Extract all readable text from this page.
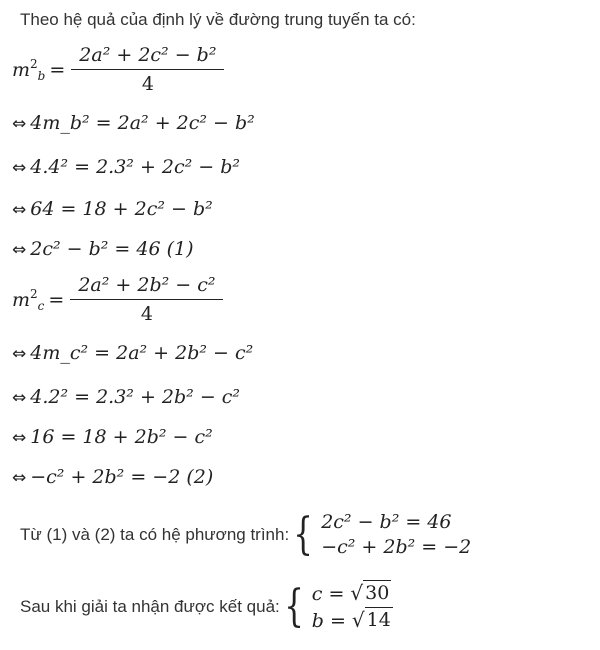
Theo hệ quả của định lý về đường trung tuyến ta có:
$m^2_b = \frac{\text{2a² + 2c² − b²}}{4}$
⇔ 4m_b² = 2a² + 2c² − b²
⇔ 4.4² = 2.3² + 2c² − b²
⇔ 64 = 18 + 2c² − b²
⇔ 2c² − b² = 46 (1)
$m^2_c = \frac{\text{2a² + 2b² − c²}}{4}$
⇔ 4m_c² = 2a² + 2b² − c²
⇔ 4.2² = 2.3² + 2b² − c²
⇔ 16 = 18 + 2b² − c²
⇔ −c² + 2b² = −2 (2)
Từ (1) và (2) ta có hệ phương trình: { 2c² − b² = 46
−c² + 2b² = −2
Sau khi giải ta nhận được kết quả: { c = √ 30
b = √ 14
